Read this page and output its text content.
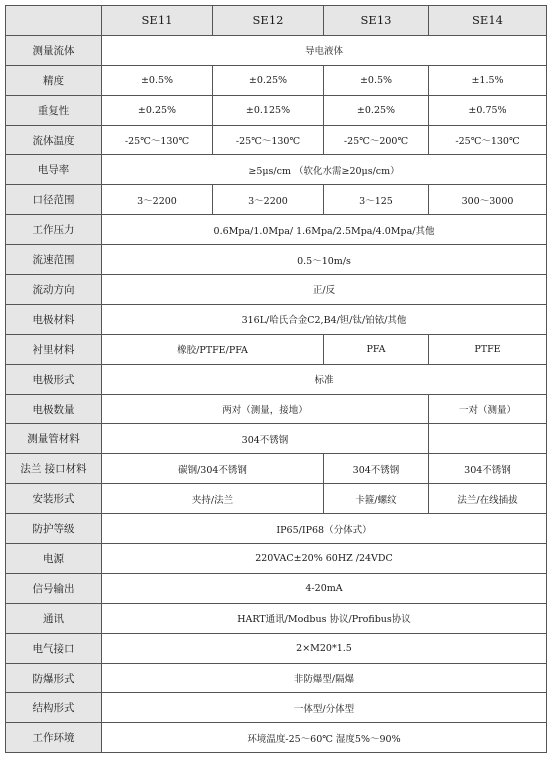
	SE11	SE12	SE13	SE14
测量流体	导电液体			
精度	±0.5%	±0.25%	±0.5%	±1.5%
重复性	±0.25%	±0.125%	±0.25%	±0.75%
流体温度	-25℃～130℃	-25℃～130℃	-25℃～200℃	-25℃～130℃
电导率	≥5μs/cm （软化水需≥20μs/cm）			
口径范围	3～2200	3～2200	3～125	300～3000
工作压力	0.6Mpa/1.0Mpa/ 1.6Mpa/2.5Mpa/4.0Mpa/其他			
流速范围	0.5～10m/s			
流动方向	正/反			
电极材料	316L/哈氏合金C2,B4/钽/钛/铂铱/其他			
衬里材料	橡胶/PTFE/PFA		PFA	PTFE
电极形式	标准			
电极数量	两对（测量，接地）			一对（测量）
测量管材料	304不锈钢			
法兰 接口材料	碳钢/304不锈钢		304不锈钢	304不锈钢
安装形式	夹持/法兰		卡箍/螺纹	法兰/在线插拔
防护等级	IP65/IP68（分体式）			
电源	220VAC±20% 60HZ /24VDC			
信号输出	4-20mA			
通讯	HART通讯/Modbus 协议/Profibus协议			
电气接口	2×M20*1.5			
防爆形式	非防爆型/隔爆			
结构形式	一体型/分体型			
工作环境	环境温度-25～60℃ 湿度5%～90%			
